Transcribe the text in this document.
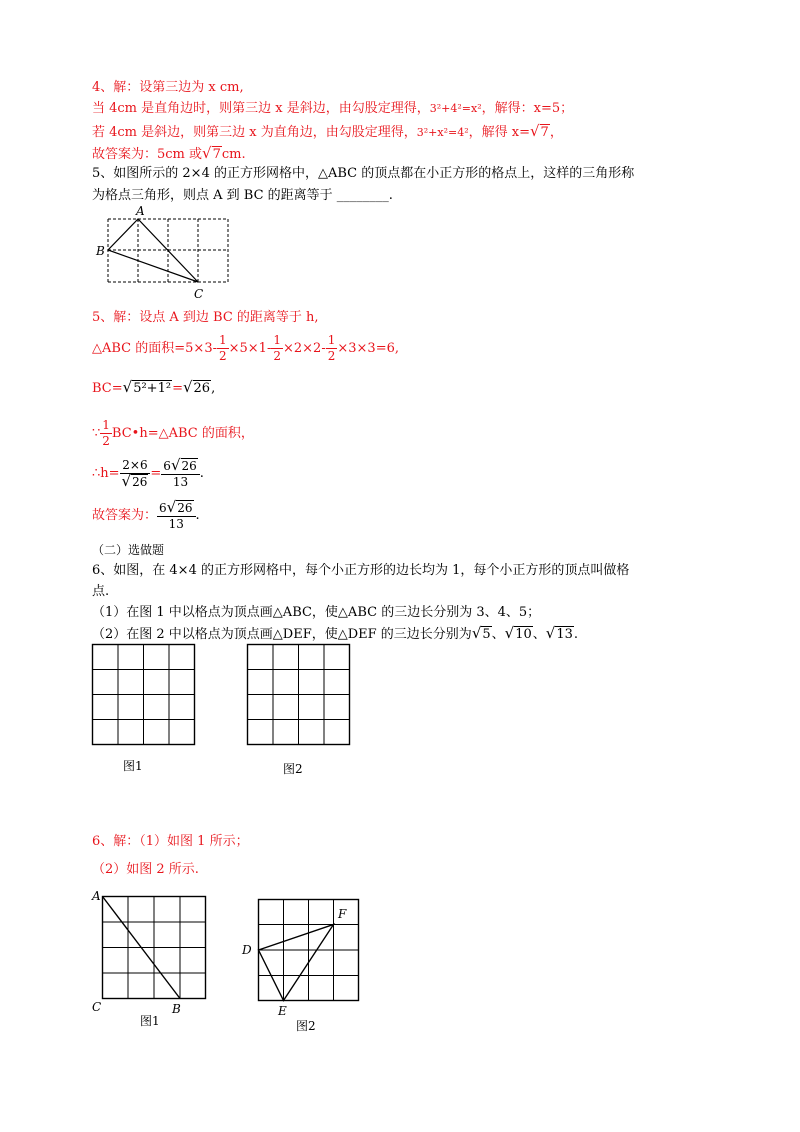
4、解：设第三边为 x cm,
当 4cm 是直角边时，则第三边 x 是斜边，由勾股定理得，3²+4²=x²，解得：x=5；
若 4cm 是斜边，则第三边 x 为直角边，由勾股定理得，3²+x²=4²，解得 x=√7，
故答案为：5cm 或√7cm.
5、如图所示的 2×4 的正方形网格中，△ABC 的顶点都在小正方形的格点上，这样的三角形称
为格点三角形，则点 A 到 BC 的距离等于 ________.
A
B
C
5、解：设点 A 到边 BC 的距离等于 h,
△ABC 的面积$=5\times 3- \frac{1}{2} \times 5\times 1- \frac{1}{2} \times 2\times 2- \frac{1}{2} \times 3\times 3=6$,
BC=√5²+1²=√26,
∵ $\frac{1}{2}$ BC•h=△ABC 的面积，
∴h= $\frac{2\times 6}{√26} = \frac{6√26}{13}$ .
故答案为： $\frac{6√26}{13}$ .
（二）选做题
6、如图，在 4×4 的正方形网格中，每个小正方形的边长均为 1，每个小正方形的顶点叫做格
点.
（1）在图 1 中以格点为顶点画△ABC，使△ABC 的三边长分别为 3、4、5；
（2）在图 2 中以格点为顶点画△DEF，使△DEF 的三边长分别为√5、√10、√13.
图1	图2
6、解：（1）如图 1 所示；
（2）如图 2 所示.
A
C	B
图1
D
E
F
图2
